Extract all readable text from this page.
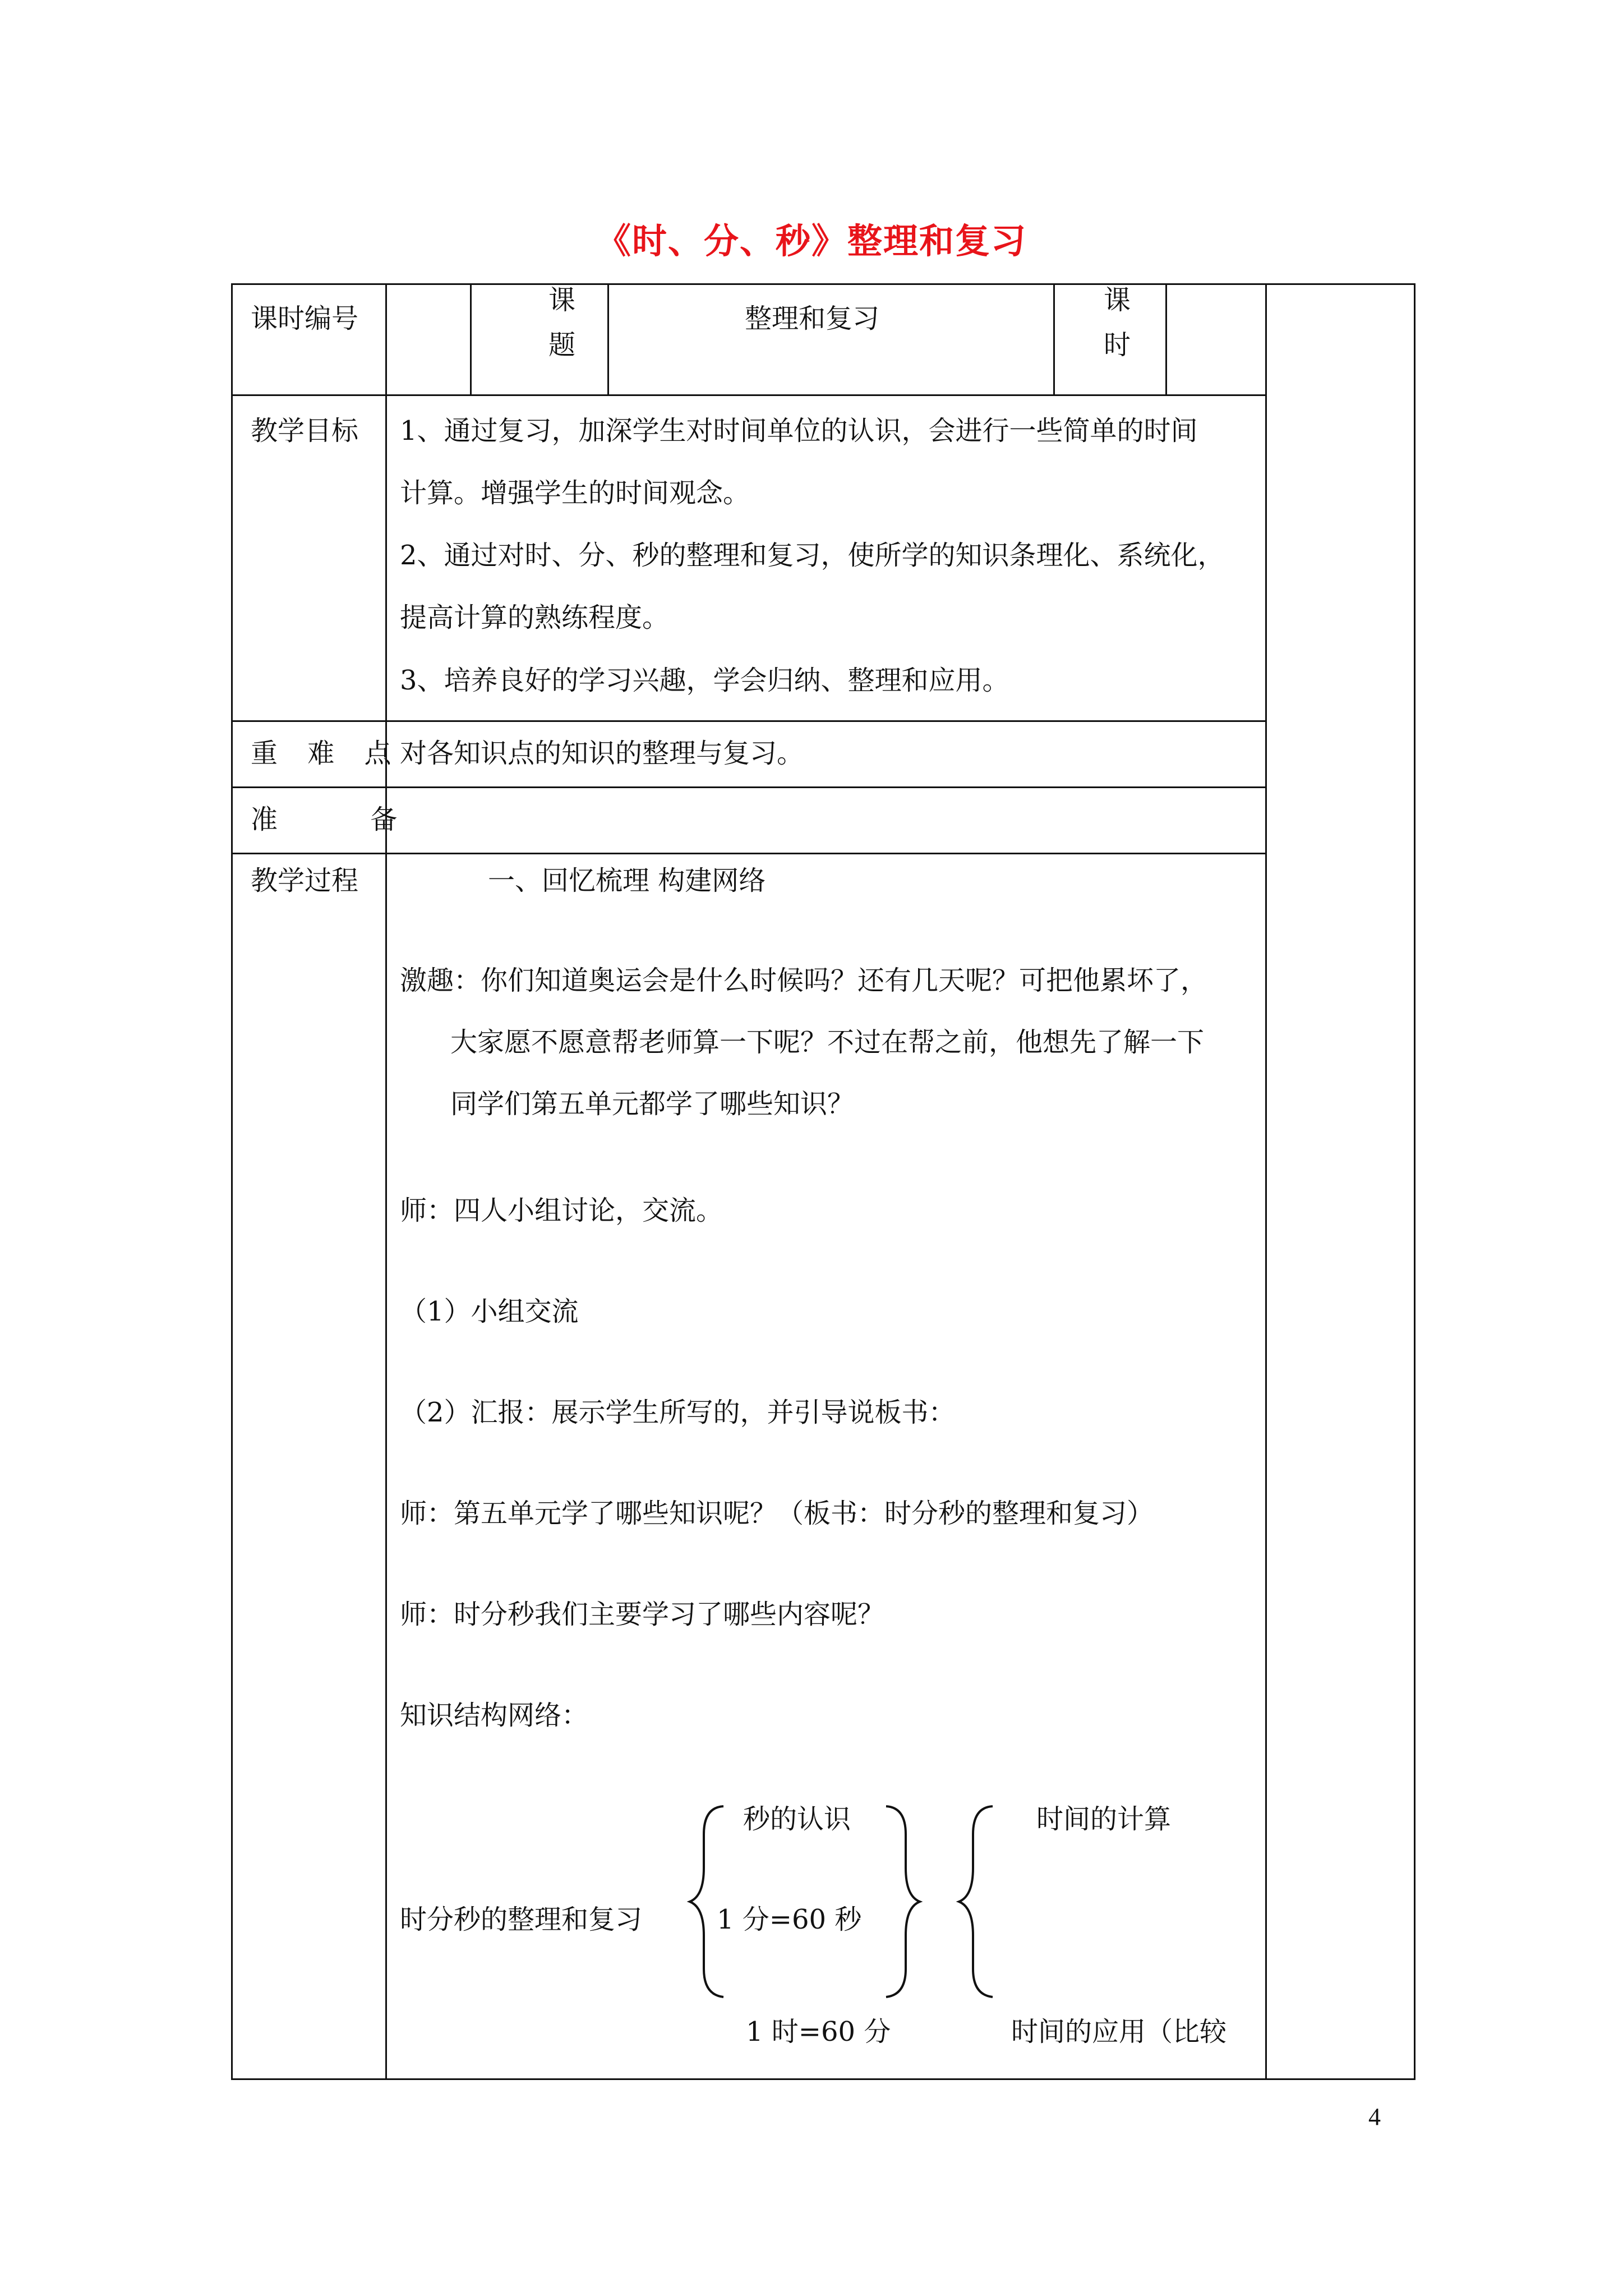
《时、分、秒》整理和复习
课时编号
课
题
整理和复习
课
时
教学目标 1、通过复习，加深学生对时间单位的认识，会进行一些简单的时间
计算。增强学生的时间观念。
2、通过对时、分、秒的整理和复习，使所学的知识条理化、系统化，
提高计算的熟练程度。
3、培养良好的学习兴趣，学会归纳、整理和应用。
重 难 点 对各知识点的知识的整理与复习。
准 备
教学过程	一、回忆梳理 构建网络
激趣：你们知道奥运会是什么时候吗？还有几天呢？可把他累坏了，
大家愿不愿意帮老师算一下呢？不过在帮之前，他想先了解一下
同学们第五单元都学了哪些知识？
师：四人小组讨论，交流。
（1）小组交流
（2）汇报：展示学生所写的，并引导说板书：
师：第五单元学了哪些知识呢？（板书：时分秒的整理和复习）
师：时分秒我们主要学习了哪些内容呢？
知识结构网络：
时分秒的整理和复习
秒的认识
1 分=60 秒
1 时=60 分
时间的计算
时间的应用（比较
4
